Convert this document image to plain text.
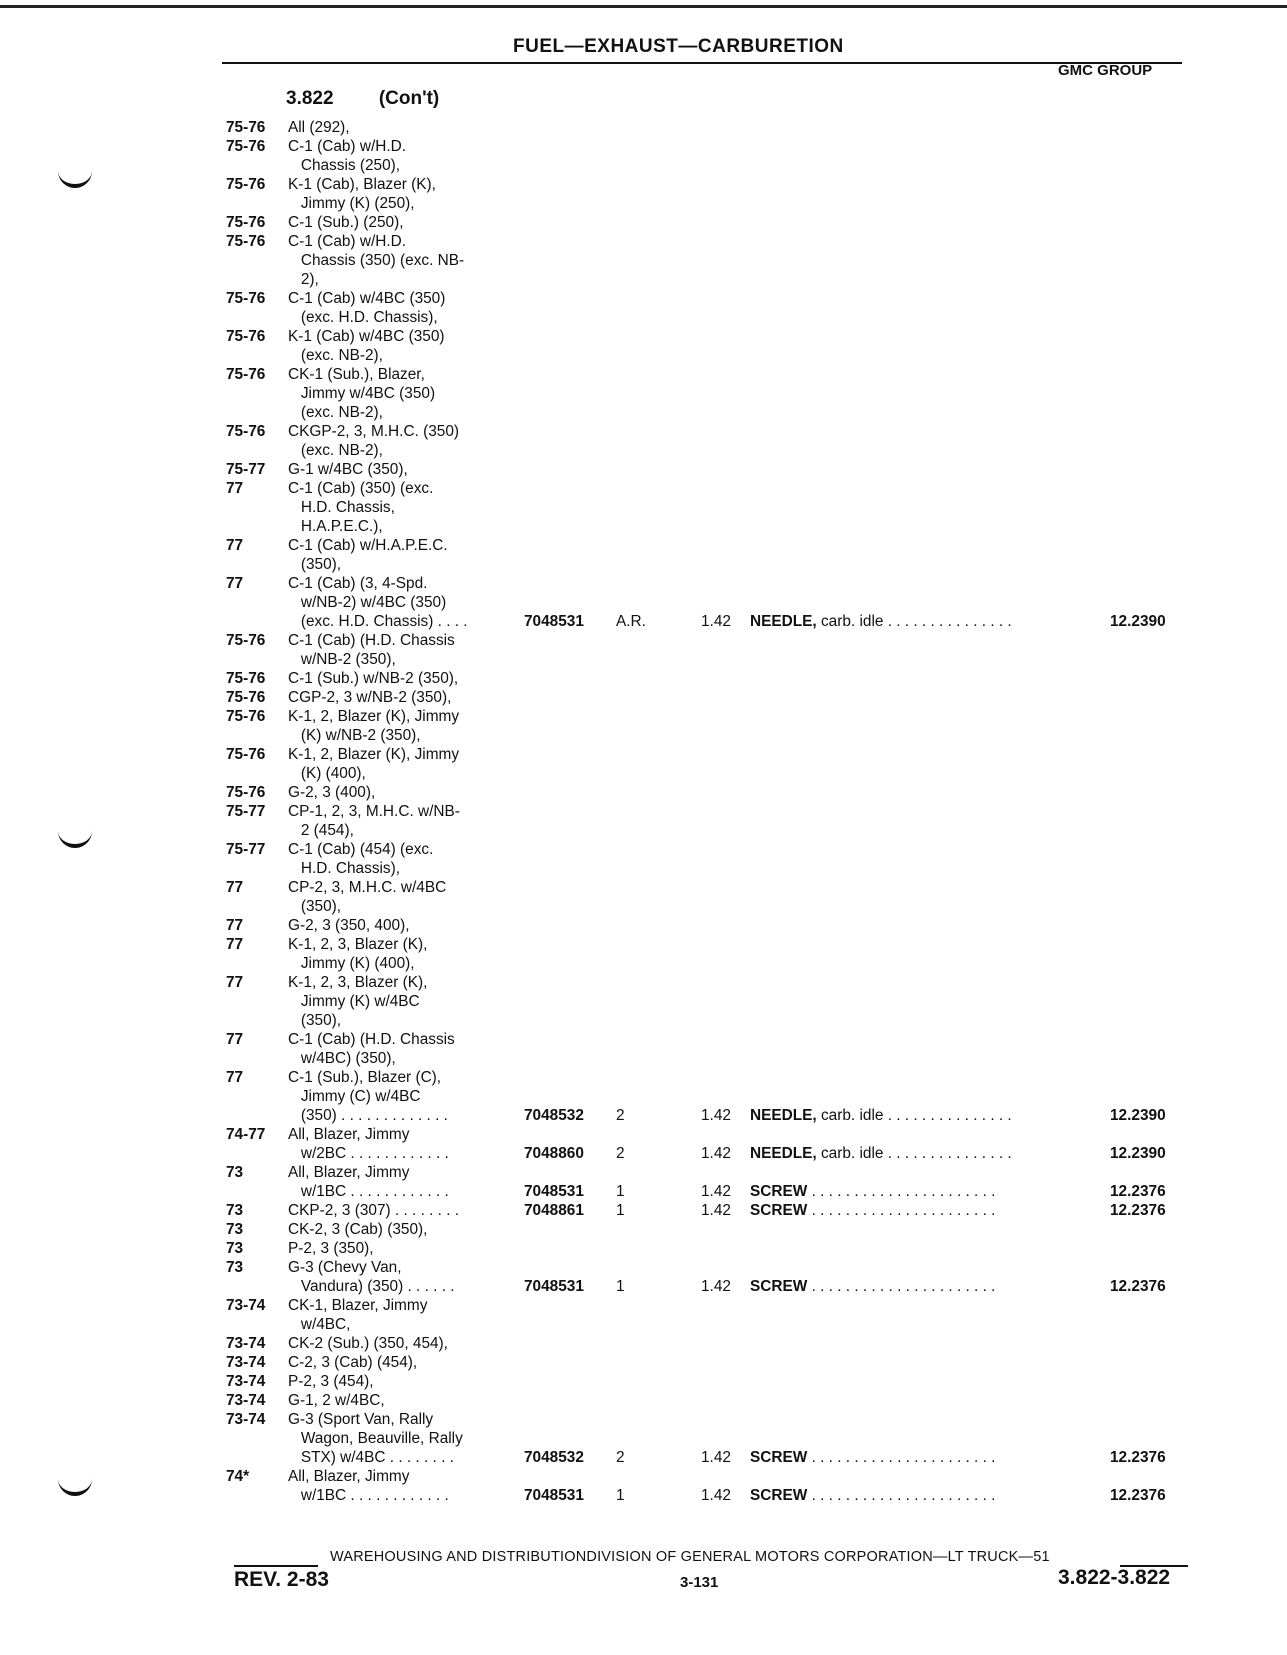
FUEL—EXHAUST—CARBURETION
GMC GROUP
3.822 (Con't)
75-76 All (292),
75-76 C-1 (Cab) w/H.D.
Chassis (250),
75-76 K-1 (Cab), Blazer (K),
Jimmy (K) (250),
75-76 C-1 (Sub.) (250),
75-76 C-1 (Cab) w/H.D.
Chassis (350) (exc. NB-
2),
75-76 C-1 (Cab) w/4BC (350)
(exc. H.D. Chassis),
75-76 K-1 (Cab) w/4BC (350)
(exc. NB-2),
75-76 CK-1 (Sub.), Blazer,
Jimmy w/4BC (350)
(exc. NB-2),
75-76 CKGP-2, 3, M.H.C. (350)
(exc. NB-2),
75-77 G-1 w/4BC (350),
77	C-1 (Cab) (350) (exc.
H.D. Chassis,
H.A.P.E.C.),
77	C-1 (Cab) w/H.A.P.E.C.
(350),
77	C-1 (Cab) (3, 4-Spd.
w/NB-2) w/4BC (350)
(exc. H.D. Chassis) . . . .	7048531 A.R.	1.42 NEEDLE, carb. idle . . . . . . . . . . . . . . .	12.2390
75-76 C-1 (Cab) (H.D. Chassis
w/NB-2 (350),
75-76 C-1 (Sub.) w/NB-2 (350),
75-76 CGP-2, 3 w/NB-2 (350),
75-76 K-1, 2, Blazer (K), Jimmy
(K) w/NB-2 (350),
75-76 K-1, 2, Blazer (K), Jimmy
(K) (400),
75-76 G-2, 3 (400),
75-77 CP-1, 2, 3, M.H.C. w/NB-
2 (454),
75-77 C-1 (Cab) (454) (exc.
H.D. Chassis),
77	CP-2, 3, M.H.C. w/4BC
(350),
77	G-2, 3 (350, 400),
77	K-1, 2, 3, Blazer (K),
Jimmy (K) (400),
77	K-1, 2, 3, Blazer (K),
Jimmy (K) w/4BC
(350),
77	C-1 (Cab) (H.D. Chassis
w/4BC) (350),
77	C-1 (Sub.), Blazer (C),
Jimmy (C) w/4BC
(350) . . . . . . . . . . . . .	7048532 2	1.42 NEEDLE, carb. idle . . . . . . . . . . . . . . .	12.2390
74-77 All, Blazer, Jimmy
w/2BC . . . . . . . . . . . .	7048860 2	1.42 NEEDLE, carb. idle . . . . . . . . . . . . . . .	12.2390
73	All, Blazer, Jimmy
w/1BC . . . . . . . . . . . .	7048531 1	1.42 SCREW . . . . . . . . . . . . . . . . . . . . . .	12.2376
73	CKP-2, 3 (307) . . . . . . . .	7048861 1	1.42 SCREW . . . . . . . . . . . . . . . . . . . . . .	12.2376
73	CK-2, 3 (Cab) (350),
73	P-2, 3 (350),
73	G-3 (Chevy Van,
Vandura) (350) . . . . . .	7048531 1	1.42 SCREW . . . . . . . . . . . . . . . . . . . . . .	12.2376
73-74 CK-1, Blazer, Jimmy
w/4BC,
73-74 CK-2 (Sub.) (350, 454),
73-74 C-2, 3 (Cab) (454),
73-74 P-2, 3 (454),
73-74 G-1, 2 w/4BC,
73-74 G-3 (Sport Van, Rally
Wagon, Beauville, Rally
STX) w/4BC . . . . . . . .	7048532 2	1.42 SCREW . . . . . . . . . . . . . . . . . . . . . .	12.2376
74*	All, Blazer, Jimmy
w/1BC . . . . . . . . . . . .	7048531 1	1.42 SCREW . . . . . . . . . . . . . . . . . . . . . .	12.2376
WAREHOUSING AND DISTRIBUTIONDIVISION OF GENERAL MOTORS CORPORATION—LT TRUCK—51
REV. 2-83	3-131	3.822-3.822
